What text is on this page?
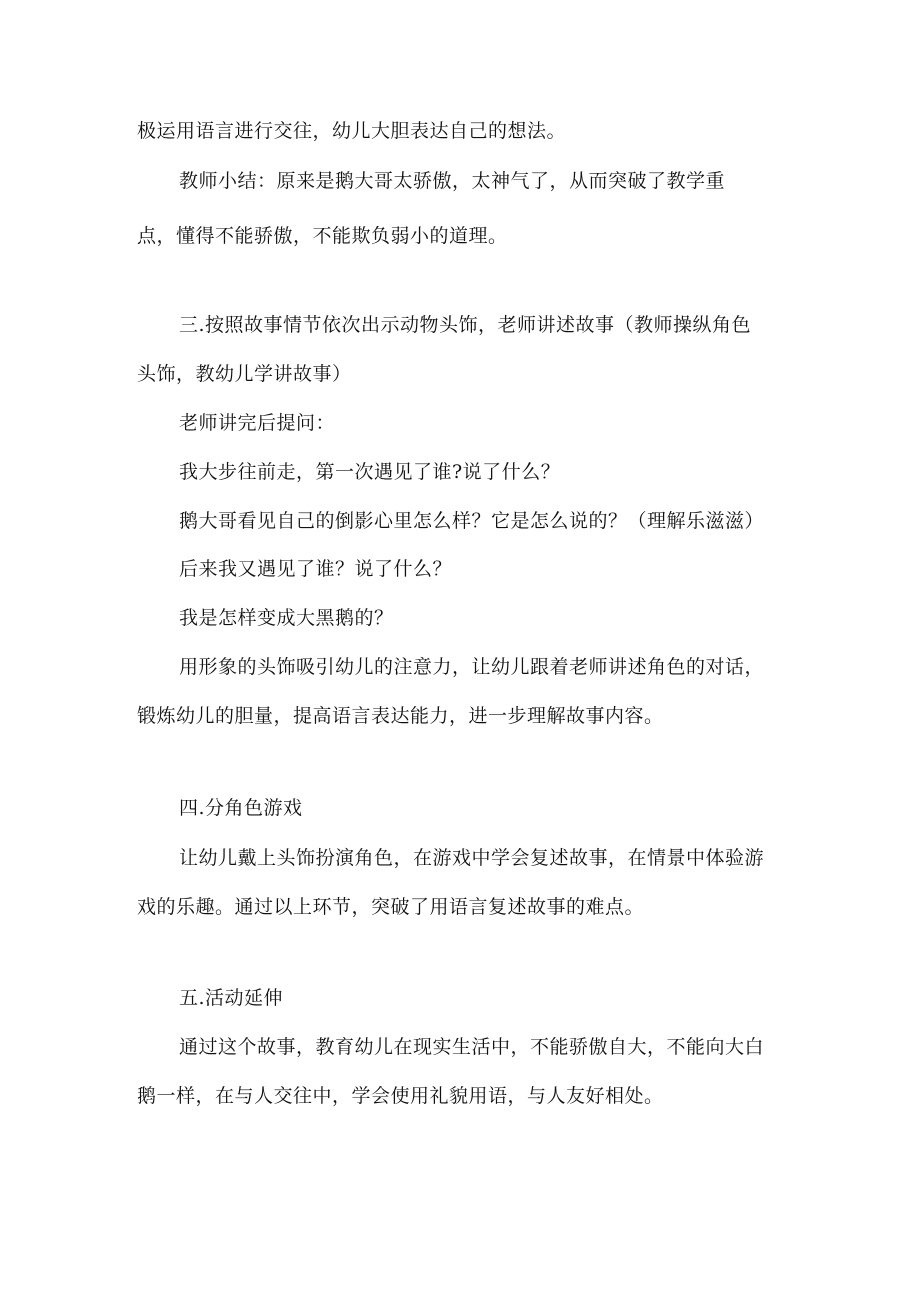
极运用语言进行交往，幼儿大胆表达自己的想法。
教师小结：原来是鹅大哥太骄傲，太神气了，从而突破了教学重
点，懂得不能骄傲，不能欺负弱小的道理。
三.按照故事情节依次出示动物头饰，老师讲述故事（教师操纵角色
头饰，教幼儿学讲故事）
老师讲完后提问：
我大步往前走，第一次遇见了谁?说了什么？
鹅大哥看见自己的倒影心里怎么样？它是怎么说的？（理解乐滋滋）
后来我又遇见了谁？说了什么？
我是怎样变成大黑鹅的？
用形象的头饰吸引幼儿的注意力，让幼儿跟着老师讲述角色的对话，
锻炼幼儿的胆量，提高语言表达能力，进一步理解故事内容。
四.分角色游戏
让幼儿戴上头饰扮演角色，在游戏中学会复述故事，在情景中体验游
戏的乐趣。通过以上环节，突破了用语言复述故事的难点。
五.活动延伸
通过这个故事，教育幼儿在现实生活中，不能骄傲自大，不能向大白
鹅一样，在与人交往中，学会使用礼貌用语，与人友好相处。
